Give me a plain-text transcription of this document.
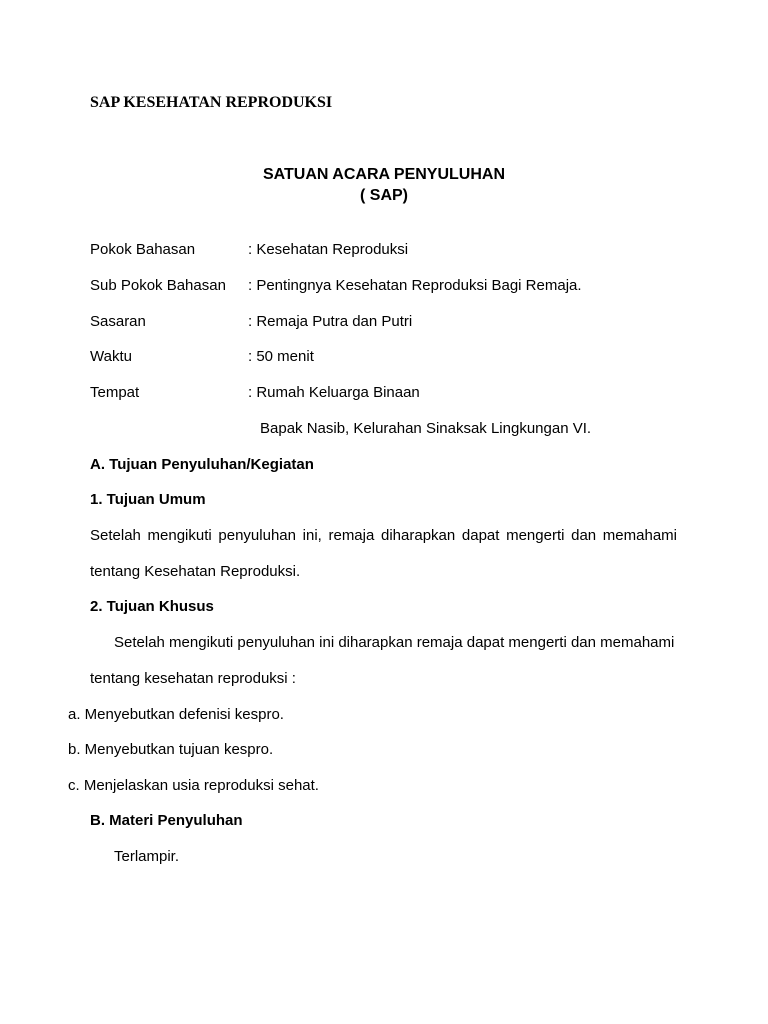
SAP KESEHATAN REPRODUKSI
SATUAN ACARA PENYULUHAN
( SAP)
Pokok Bahasan	: Kesehatan Reproduksi
Sub Pokok Bahasan : Pentingnya Kesehatan Reproduksi Bagi Remaja.
Sasaran	: Remaja Putra dan Putri
Waktu	: 50 menit
Tempat	: Rumah Keluarga Binaan
Bapak Nasib, Kelurahan Sinaksak Lingkungan VI.
A. Tujuan Penyuluhan/Kegiatan
1. Tujuan Umum
Setelah mengikuti penyuluhan ini, remaja diharapkan dapat mengerti dan memahami
tentang Kesehatan Reproduksi.
2. Tujuan Khusus
Setelah mengikuti penyuluhan ini diharapkan remaja dapat mengerti dan memahami
tentang kesehatan reproduksi :
a. Menyebutkan defenisi kespro.
b. Menyebutkan tujuan kespro.
c. Menjelaskan usia reproduksi sehat.
B. Materi Penyuluhan
Terlampir.
